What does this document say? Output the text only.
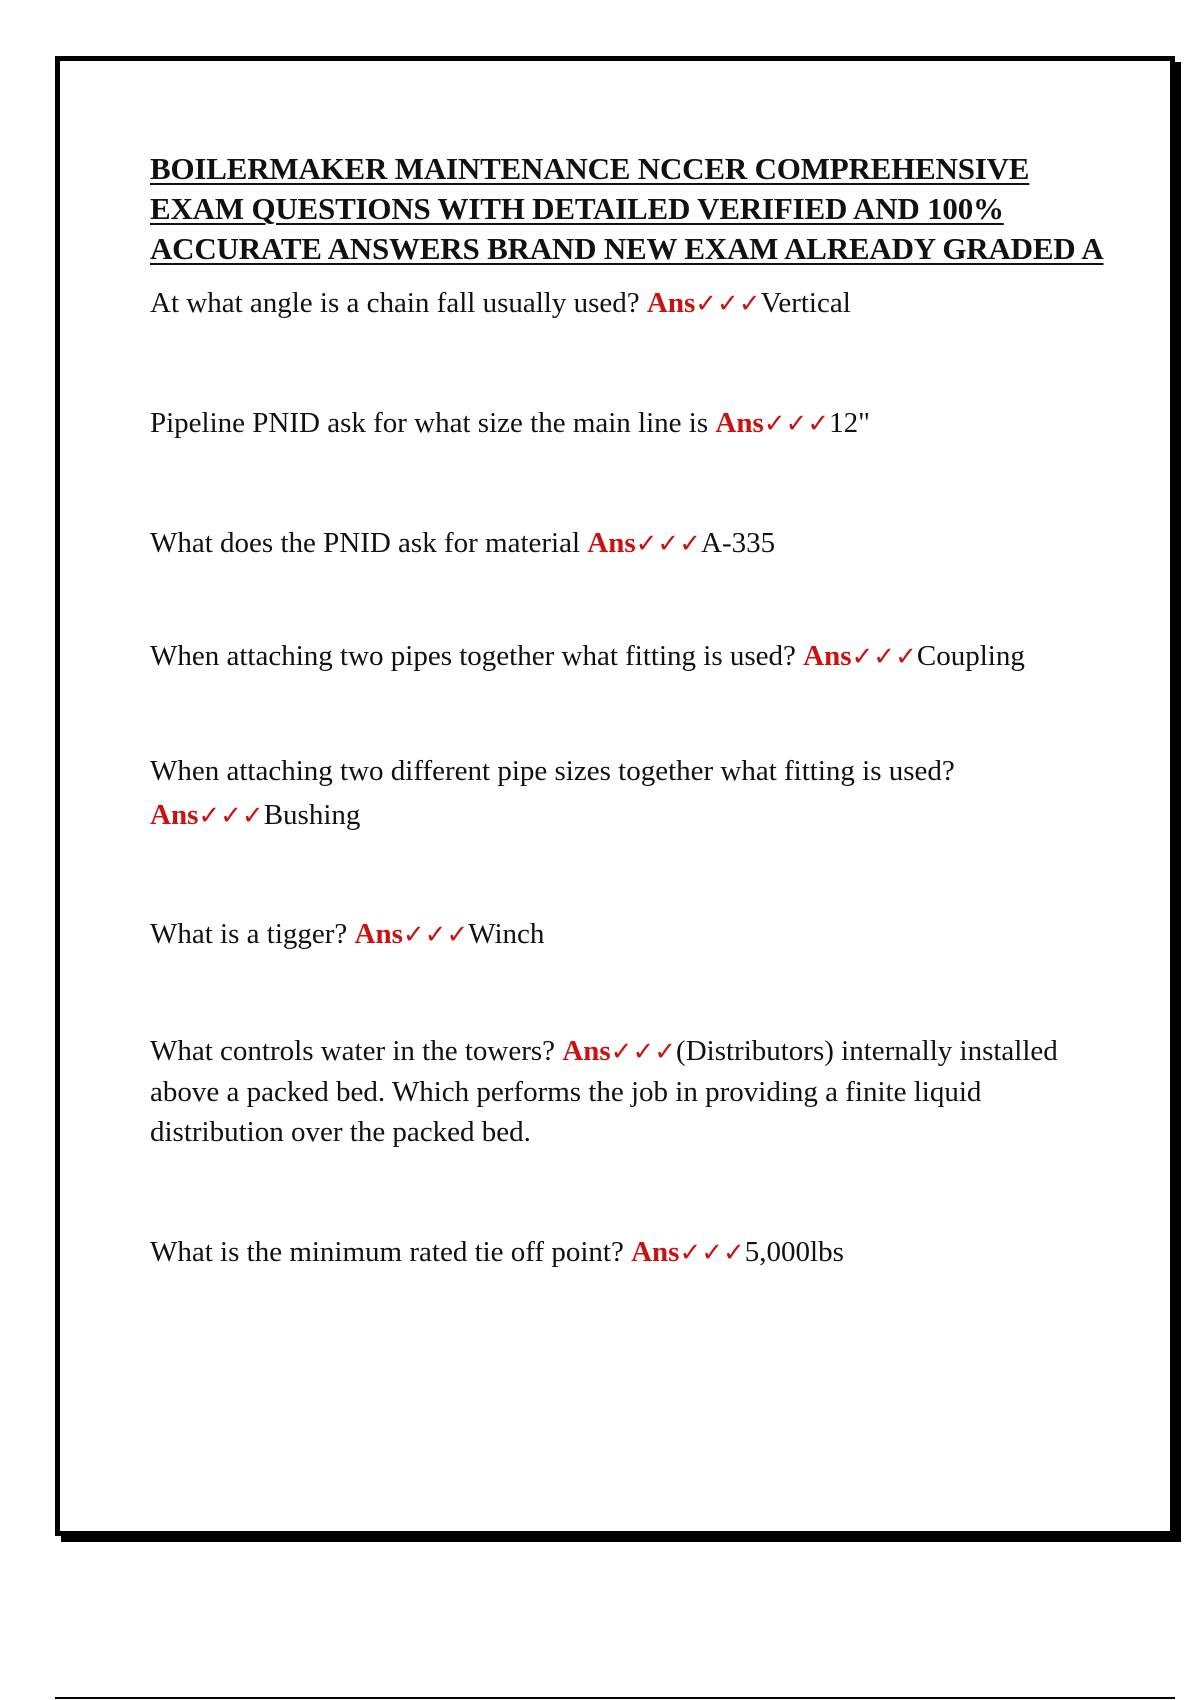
BOILERMAKER MAINTENANCE NCCER COMPREHENSIVE EXAM QUESTIONS WITH DETAILED VERIFIED AND 100% ACCURATE ANSWERS BRAND NEW EXAM ALREADY GRADED A

At what angle is a chain fall usually used? Ans✓✓✓Vertical

Pipeline PNID ask for what size the main line is Ans✓✓✓12"

What does the PNID ask for material Ans✓✓✓A-335

When attaching two pipes together what fitting is used? Ans✓✓✓Coupling

When attaching two different pipe sizes together what fitting is used? Ans✓✓✓Bushing

What is a tigger? Ans✓✓✓Winch

What controls water in the towers? Ans✓✓✓(Distributors) internally installed above a packed bed. Which performs the job in providing a finite liquid distribution over the packed bed.

What is the minimum rated tie off point? Ans✓✓✓5,000lbs
